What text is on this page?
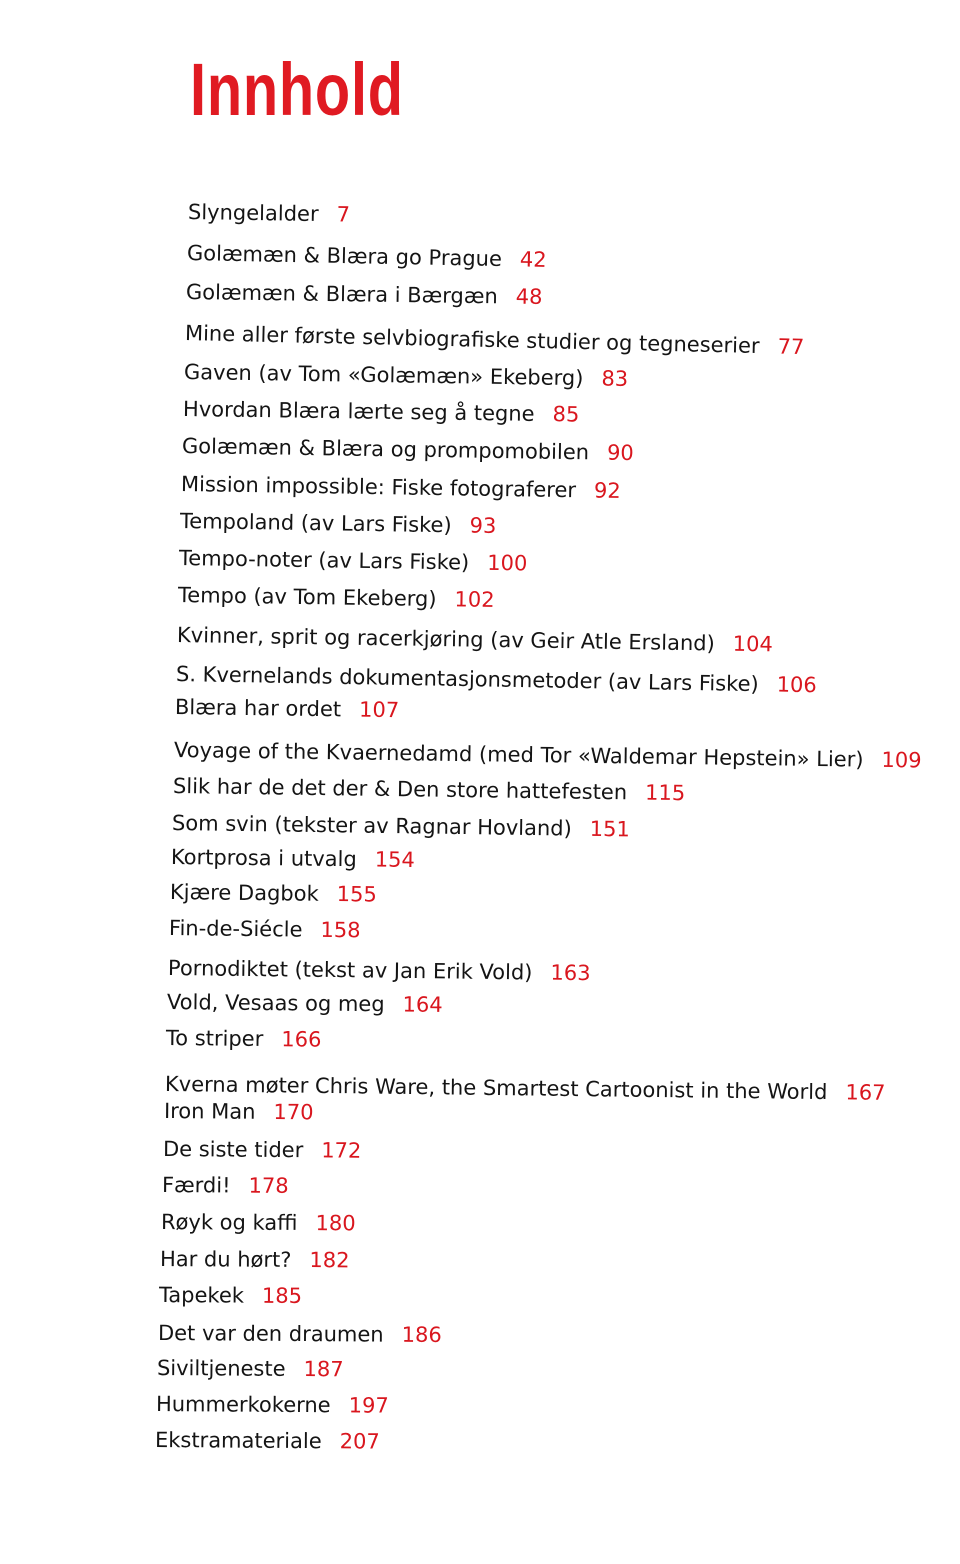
Innhold
Slyngelalder 7
Golæmæn & Blæra go Prague 42
Golæmæn & Blæra i Bærgæn 48
Mine aller første selvbiografiske studier og tegneserier 77
Gaven (av Tom «Golæmæn» Ekeberg) 83
Hvordan Blæra lærte seg å tegne 85
Golæmæn & Blæra og prompomobilen 90
Mission impossible: Fiske fotograferer 92
Tempoland (av Lars Fiske) 93
Tempo-noter (av Lars Fiske) 100
Tempo (av Tom Ekeberg) 102
Kvinner, sprit og racerkjøring (av Geir Atle Ersland) 104
S. Kvernelands dokumentasjonsmetoder (av Lars Fiske) 106
Blæra har ordet 107
Voyage of the Kvaernedamd (med Tor «Waldemar Hepstein» Lier) 109
Slik har de det der & Den store hattefesten 115
Som svin (tekster av Ragnar Hovland) 151
Kortprosa i utvalg 154
Kjære Dagbok 155
Fin-de-Siécle 158
Pornodiktet (tekst av Jan Erik Vold) 163
Vold, Vesaas og meg 164
To striper 166
Kverna møter Chris Ware, the Smartest Cartoonist in the World 167
Iron Man 170
De siste tider 172
Færdi! 178
Røyk og kaffi 180
Har du hørt? 182
Tapekek 185
Det var den draumen 186
Siviltjeneste 187
Hummerkokerne 197
Ekstramateriale 207
